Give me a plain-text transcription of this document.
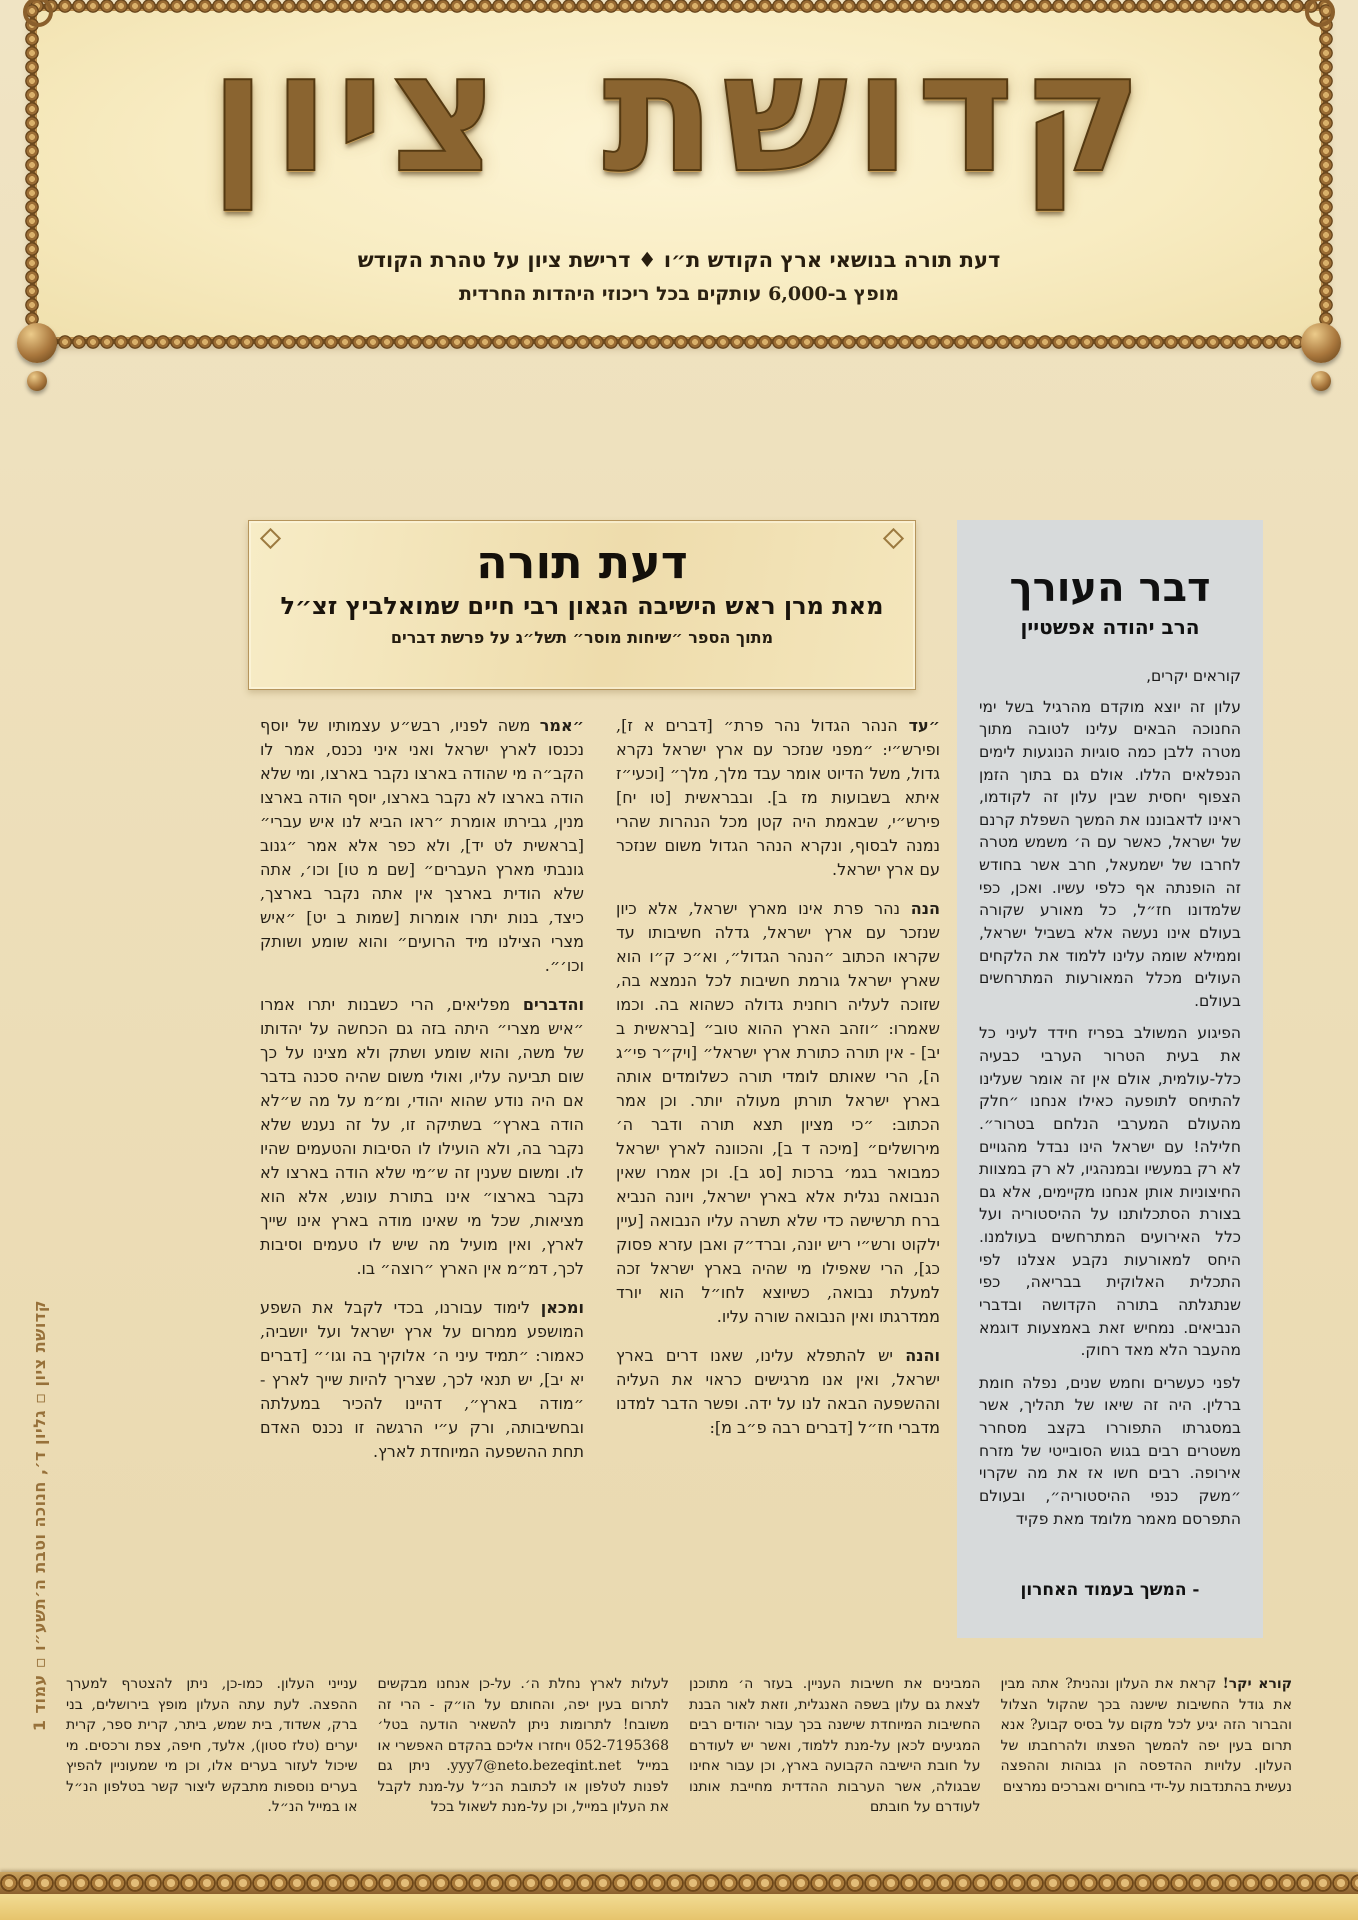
קדושת ציון
דעת תורה בנושאי ארץ הקודש ת״ו ♦ דרישת ציון על טהרת הקודש
מופץ ב-6,000 עותקים בכל ריכוזי היהדות החרדית
דבר העורך
הרב יהודה אפשטיין

קוראים יקרים,

עלון זה יוצא מוקדם מהרגיל בשל ימי החנוכה הבאים עלינו לטובה מתוך מטרה ללבן כמה סוגיות הנוגעות לימים הנפלאים הללו. אולם גם בתוך הזמן הצפוף יחסית שבין עלון זה לקודמו, ראינו לדאבוננו את המשך השפלת קרנם של ישראל, כאשר עם ה׳ משמש מטרה לחרבו של ישמעאל, חרב אשר בחודש זה הופנתה אף כלפי עשיו. ואכן, כפי שלמדונו חז״ל, כל מאורע שקורה בעולם אינו נעשה אלא בשביל ישראל, וממילא שומה עלינו ללמוד את הלקחים העולים מכלל המאורעות המתרחשים בעולם.

הפיגוע המשולב בפריז חידד לעיני כל את בעית הטרור הערבי כבעיה כלל-עולמית, אולם אין זה אומר שעלינו להתיחס לתופעה כאילו אנחנו ״חלק מהעולם המערבי הנלחם בטרור״. חלילה! עם ישראל הינו נבדל מהגויים לא רק במעשיו ובמנהגיו, לא רק במצוות החיצוניות אותן אנחנו מקיימים, אלא גם בצורת הסתכלותנו על ההיסטוריה ועל כלל האירועים המתרחשים בעולמנו. היחס למאורעות נקבע אצלנו לפי התכלית האלוקית בבריאה, כפי שנתגלתה בתורה הקדושה ובדברי הנביאים. נמחיש זאת באמצעות דוגמא מהעבר הלא מאד רחוק.

לפני כעשרים וחמש שנים, נפלה חומת ברלין. היה זה שיאו של תהליך, אשר במסגרתו התפוררו בקצב מסחרר משטרים רבים בגוש הסובייטי של מזרח אירופה. רבים חשו אז את מה שקרוי ״משק כנפי ההיסטוריה״, ובעולם התפרסם מאמר מלומד מאת פקיד

- המשך בעמוד האחרון
דעת תורה
מאת מרן ראש הישיבה הגאון רבי חיים שמואלביץ זצ״ל
מתוך הספר ״שיחות מוסר״ תשל״ג על פרשת דברים

״עד הנהר הגדול נהר פרת״ [דברים א ז], ופירש״י: ״מפני שנזכר עם ארץ ישראל נקרא גדול, משל הדיוט אומר עבד מלך, מלך״ [וכעי״ז איתא בשבועות מז ב]. ובבראשית [טו יח] פירש״י, שבאמת היה קטן מכל הנהרות שהרי נמנה לבסוף, ונקרא הנהר הגדול משום שנזכר עם ארץ ישראל.

הנה נהר פרת אינו מארץ ישראל, אלא כיון שנזכר עם ארץ ישראל, גדלה חשיבותו עד שקראו הכתוב ״הנהר הגדול״, וא״כ ק״ו הוא שארץ ישראל גורמת חשיבות לכל הנמצא בה, שזוכה לעליה רוחנית גדולה כשהוא בה. וכמו שאמרו: ״וזהב הארץ ההוא טוב״ [בראשית ב יב] - אין תורה כתורת ארץ ישראל״ [ויק״ר פי״ג ה], הרי שאותם לומדי תורה כשלומדים אותה בארץ ישראל תורתן מעולה יותר. וכן אמר הכתוב: ״כי מציון תצא תורה ודבר ה׳ מירושלים״ [מיכה ד ב], והכוונה לארץ ישראל כמבואר בגמ׳ ברכות [סג ב]. וכן אמרו שאין הנבואה נגלית אלא בארץ ישראל, ויונה הנביא ברח תרשישה כדי שלא תשרה עליו הנבואה [עיין ילקוט ורש״י ריש יונה, וברד״ק ואבן עזרא פסוק כג], הרי שאפילו מי שהיה בארץ ישראל זכה למעלת נבואה, כשיוצא לחו״ל הוא יורד ממדרגתו ואין הנבואה שורה עליו.

והנה יש להתפלא עלינו, שאנו דרים בארץ ישראל, ואין אנו מרגישים כראוי את העליה וההשפעה הבאה לנו על ידה. ופשר הדבר למדנו מדברי חז״ל [דברים רבה פ״ב מ]:

״אמר משה לפניו, רבש״ע עצמותיו של יוסף נכנסו לארץ ישראל ואני איני נכנס, אמר לו הקב״ה מי שהודה בארצו נקבר בארצו, ומי שלא הודה בארצו לא נקבר בארצו, יוסף הודה בארצו מנין, גבירתו אומרת ״ראו הביא לנו איש עברי״ [בראשית לט יד], ולא כפר אלא אמר ״גנוב גונבתי מארץ העברים״ [שם מ טו] וכו׳, אתה שלא הודית בארצך אין אתה נקבר בארצך, כיצד, בנות יתרו אומרות [שמות ב יט] ״איש מצרי הצילנו מיד הרועים״ והוא שומע ושותק וכו׳״.

והדברים מפליאים, הרי כשבנות יתרו אמרו ״איש מצרי״ היתה בזה גם הכחשה על יהדותו של משה, והוא שומע ושתק ולא מצינו על כך שום תביעה עליו, ואולי משום שהיה סכנה בדבר אם היה נודע שהוא יהודי, ומ״מ על מה ש״לא הודה בארץ״ בשתיקה זו, על זה נענש שלא נקבר בה, ולא הועילו לו הסיבות והטעמים שהיו לו. ומשום שענין זה ש״מי שלא הודה בארצו לא נקבר בארצו״ אינו בתורת עונש, אלא הוא מציאות, שכל מי שאינו מודה בארץ אינו שייך לארץ, ואין מועיל מה שיש לו טעמים וסיבות לכך, דמ״מ אין הארץ ״רוצה״ בו.

ומכאן לימוד עבורנו, בכדי לקבל את השפע המושפע ממרום על ארץ ישראל ועל יושביה, כאמור: ״תמיד עיני ה׳ אלוקיך בה וגו׳״ [דברים יא יב], יש תנאי לכך, שצריך להיות שייך לארץ - ״מודה בארץ״, דהיינו להכיר במעלתה ובחשיבותה, ורק ע״י הרגשה זו נכנס האדם תחת ההשפעה המיוחדת לארץ.

קורא יקר! קראת את העלון ונהנית? אתה מבין את גודל החשיבות שישנה בכך שהקול הצלול והברור הזה יגיע לכל מקום על בסיס קבוע? אנא תרום בעין יפה להמשך הפצתו ולהרחבתו של העלון. עלויות ההדפסה הן גבוהות וההפצה נעשית בהתנדבות על-ידי בחורים ואברכים נמרצים
המבינים את חשיבות העניין. בעזר ה׳ מתוכנן לצאת גם עלון בשפה האנגלית, וזאת לאור הבנת החשיבות המיוחדת שישנה בכך עבור יהודים רבים המגיעים לכאן על-מנת ללמוד, ואשר יש לעודרם על חובת הישיבה הקבועה בארץ, וכן עבור אחינו שבגולה, אשר הערבות ההדדית מחייבת אותנו לעודרם על חובתם
לעלות לארץ נחלת ה׳. על-כן אנחנו מבקשים לתרום בעין יפה, והחותם על הו״ק - הרי זה משובח! לתרומות ניתן להשאיר הודעה בטל׳ 052-7195368 ויחזרו אליכם בהקדם האפשרי או במייל yyy7@neto.bezeqint.net. ניתן גם לפנות לטלפון או לכתובת הנ״ל על-מנת לקבל את העלון במייל, וכן על-מנת לשאול בכל
ענייני העלון. כמו-כן, ניתן להצטרף למערך ההפצה. לעת עתה העלון מופץ בירושלים, בני ברק, אשדוד, בית שמש, ביתר, קרית ספר, קרית יערים (טלז סטון), אלעד, חיפה, צפת ורכסים. מי שיכול לעזור בערים אלו, וכן מי שמעוניין להפיץ בערים נוספות מתבקש ליצור קשר בטלפון הנ״ל או במייל הנ״ל.
קדושת ציון ▫ גליון ד׳, חנוכה וטבת ה׳תשע״ו ▫ עמוד 1
